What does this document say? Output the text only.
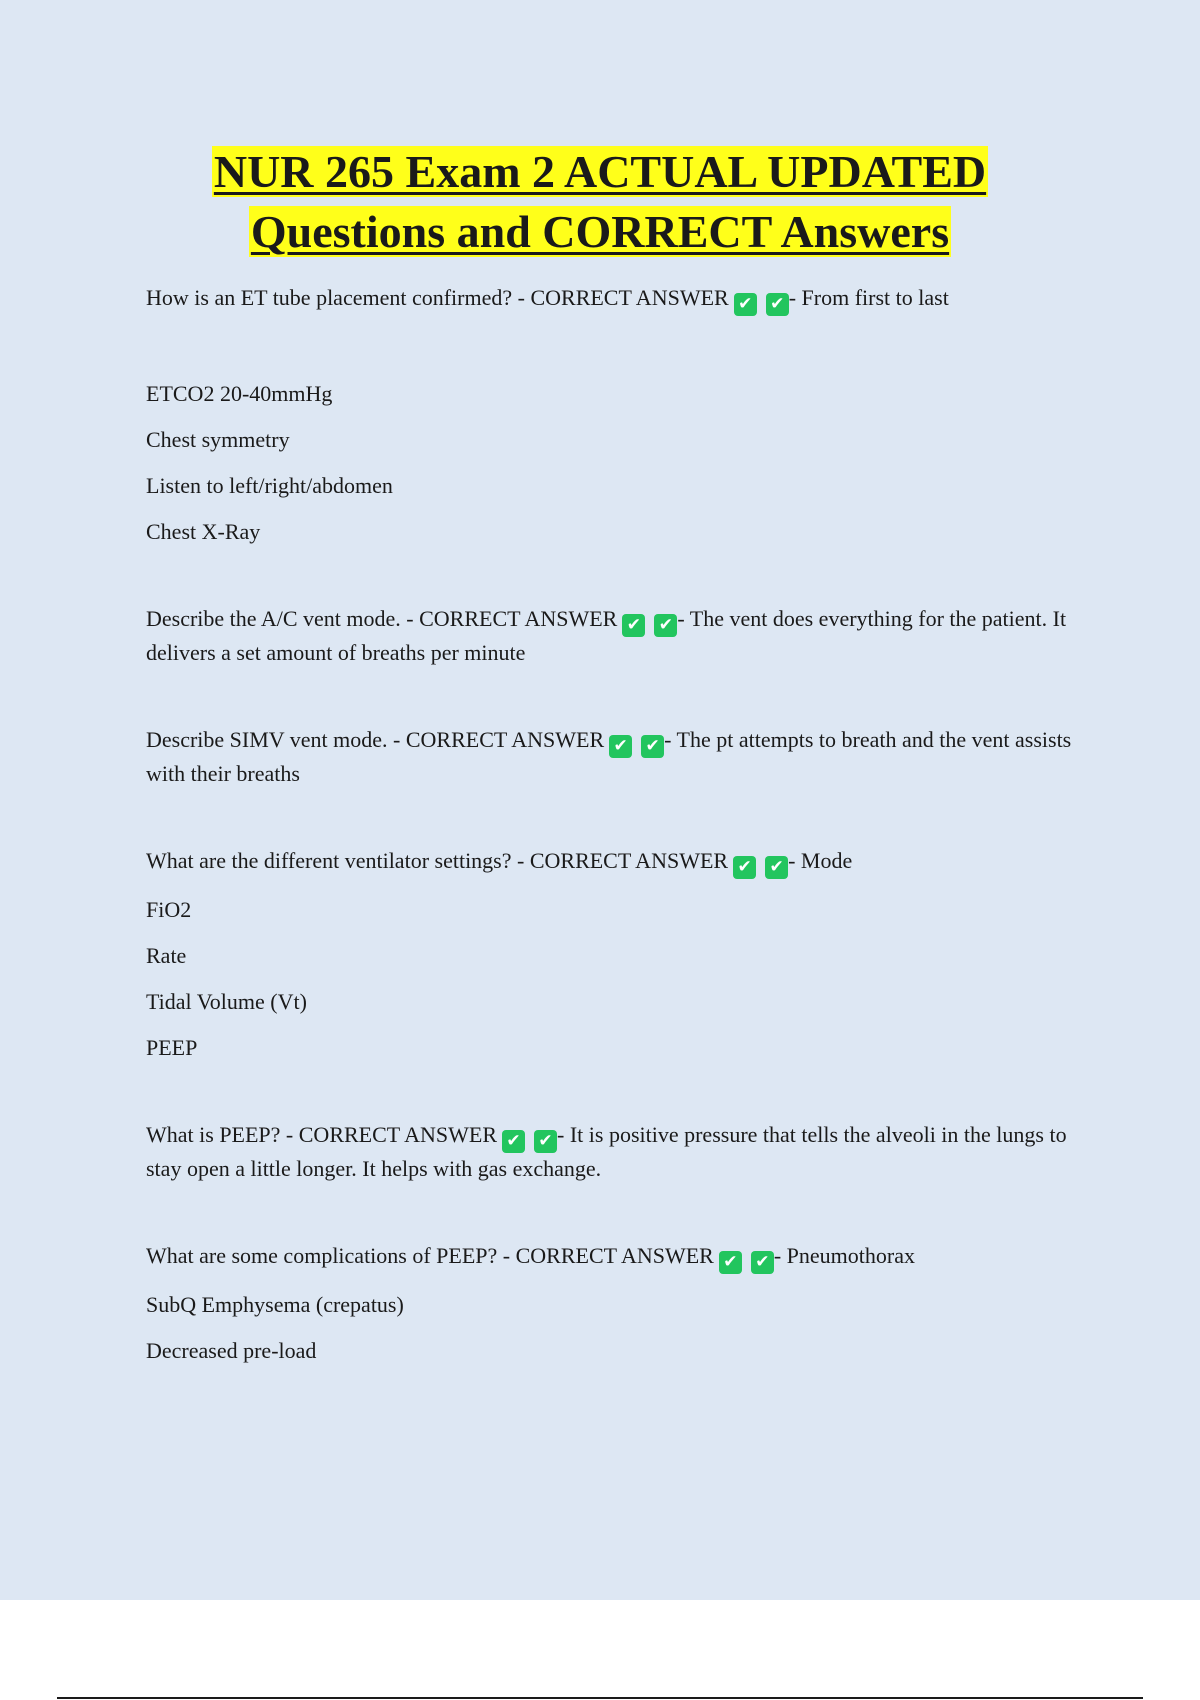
NUR 265 Exam 2 ACTUAL UPDATED
Questions and CORRECT Answers
How is an ET tube placement confirmed? - CORRECT ANSWER ✔ ✔ - From first to last
ETCO2 20-40mmHg
Chest symmetry
Listen to left/right/abdomen
Chest X-Ray
Describe the A/C vent mode. - CORRECT ANSWER ✔ ✔ - The vent does everything for the patient. It delivers a set amount of breaths per minute
Describe SIMV vent mode. - CORRECT ANSWER ✔ ✔ - The pt attempts to breath and the vent assists with their breaths
What are the different ventilator settings? - CORRECT ANSWER ✔ ✔ - Mode
FiO2
Rate
Tidal Volume (Vt)
PEEP
What is PEEP? - CORRECT ANSWER ✔ ✔ - It is positive pressure that tells the alveoli in the lungs to stay open a little longer. It helps with gas exchange.
What are some complications of PEEP? - CORRECT ANSWER ✔ ✔ - Pneumothorax
SubQ Emphysema (crepatus)
Decreased pre-load
